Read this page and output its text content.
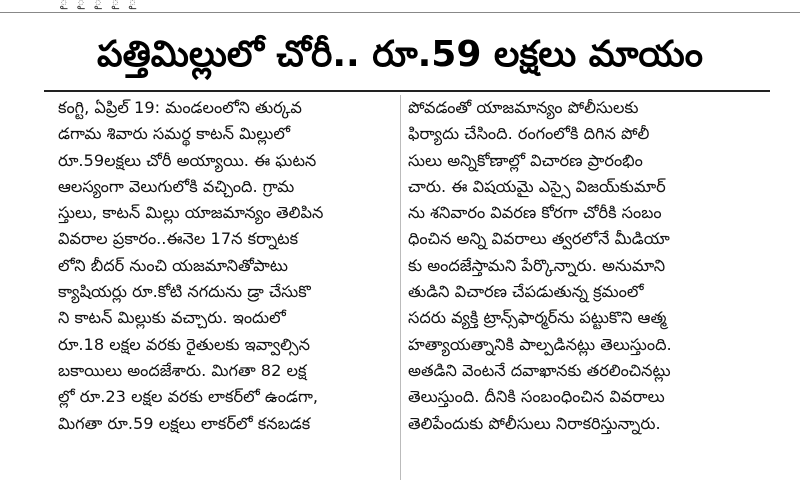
ౖ ౖ ౖ ౖ ౖ
పత్తిమిల్లులో చోరీ.. రూ.59 లక్షలు మాయం
కంగ్టి, ఏప్రిల్ 19: మండలంలోని తుర్కవ
డగామ శివారు సమర్థ కాటన్ మిల్లులో
రూ.59లక్షలు చోరీ అయ్యాయి. ఈ ఘటన
ఆలస్యంగా వెలుగులోకి వచ్చింది. గ్రామ
స్తులు, కాటన్ మిల్లు యాజమాన్యం తెలిపిన
వివరాల ప్రకారం..ఈనెల 17న కర్నాటక
లోని బీదర్ నుంచి యజమానితోపాటు
క్యాషియర్లు రూ.కోటి నగదును డ్రా చేసుకొ
ని కాటన్ మిల్లుకు వచ్చారు. ఇందులో
రూ.18 లక్షల వరకు రైతులకు ఇవ్వాల్సిన
బకాయిలు అందజేశారు. మిగతా 82 లక్ష
ల్లో రూ.23 లక్షల వరకు లాకర్‌లో ఉండగా,
మిగతా రూ.59 లక్షలు లాకర్‌లో కనబడక
పోవడంతో యాజమాన్యం పోలీసులకు
ఫిర్యాదు చేసింది. రంగంలోకి దిగిన పోలీ
సులు అన్నికోణాల్లో విచారణ ప్రారంభిం
చారు. ఈ విషయమై ఎస్సై విజయ్‌కుమార్
ను శనివారం వివరణ కోరగా చోరీకి సంబం
ధించిన అన్ని వివరాలు త్వరలోనే మీడియా
కు అందజేస్తామని పేర్కొన్నారు. అనుమాని
తుడిని విచారణ చేపడుతున్న క్రమంలో
సదరు వ్యక్తి ట్రాన్స్‌ఫార్మర్‌ను పట్టుకొని ఆత్మ
హత్యాయత్నానికి పాల్పడినట్లు తెలుస్తుంది.
అతడిని వెంటనే దవాఖానకు తరలించినట్లు
తెలుస్తుంది. దీనికి సంబంధించిన వివరాలు
తెలిపేందుకు పోలీసులు నిరాకరిస్తున్నారు.
